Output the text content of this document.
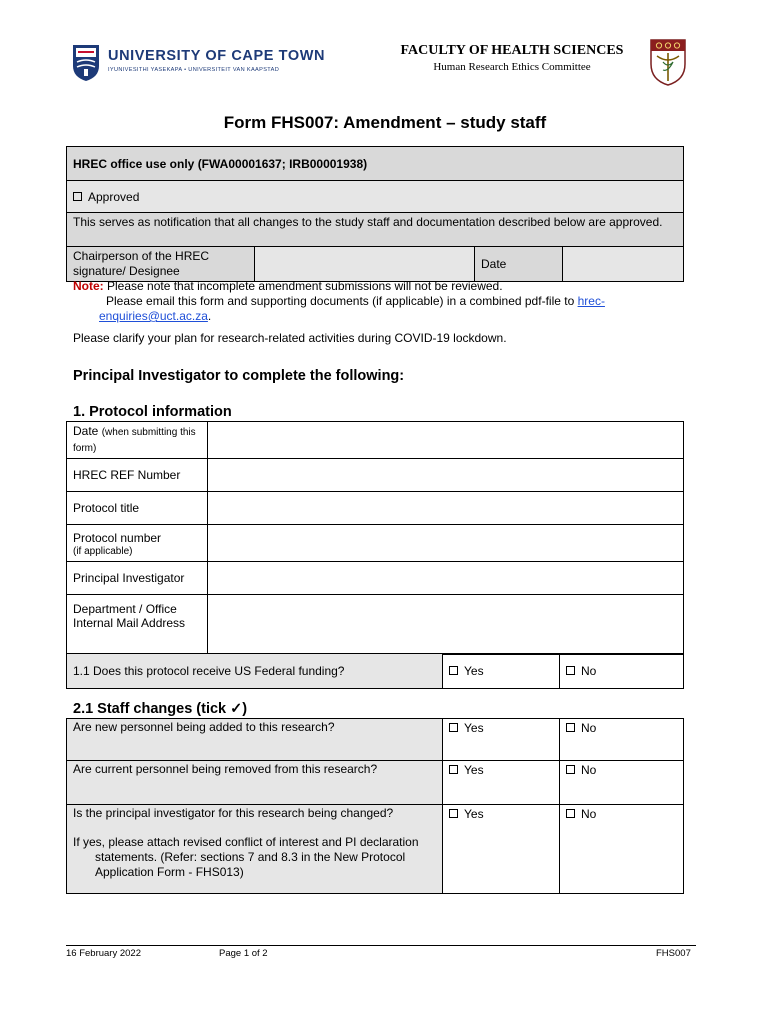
UNIVERSITY OF CAPE TOWN
IYUNIVESITHI YASEKAPA • UNIVERSITEIT VAN KAAPSTAD
FACULTY OF HEALTH SCIENCES
Human Research Ethics Committee
Form FHS007: Amendment – study staff
HREC office use only (FWA00001637; IRB00001938)
Approved
This serves as notification that all changes to the study staff and documentation described below are approved.

Chairperson of the HREC
signature/ Designee		Date	
Note: Please note that incomplete amendment submissions will not be reviewed.
Please email this form and supporting documents (if applicable) in a combined pdf-file to hrec-
enquiries@uct.ac.za.
Please clarify your plan for research-related activities during COVID-19 lockdown.
Principal Investigator to complete the following:
1. Protocol information
Date (when submitting this form)	
HREC REF Number	
Protocol title	

Protocol number
(if applicable)	

Principal Investigator	

Department / Office
Internal Mail Address	

1.1 Does this protocol receive US Federal funding?	Yes	No
2.1 Staff changes (tick ✓)
Are new personnel being added to this research?	Yes	No
Are current personnel being removed from this research?	Yes	No

Is the principal investigator for this research being changed?
If yes, please attach revised conflict of interest and PI declaration
statements. (Refer: sections 7 and 8.3 in the New Protocol
Application Form - FHS013)	Yes	No
16 February 2022	Page 1 of 2	FHS007
